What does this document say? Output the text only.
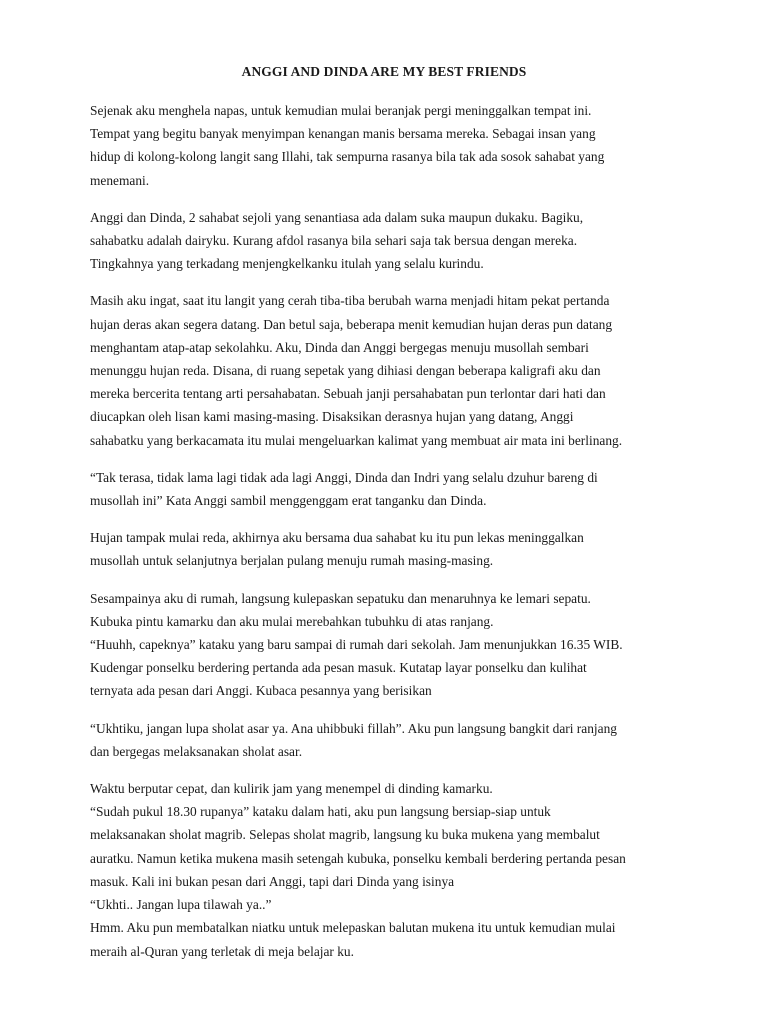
ANGGI AND DINDA ARE MY BEST FRIENDS

Sejenak aku menghela napas, untuk kemudian mulai beranjak pergi meninggalkan tempat ini.
Tempat yang begitu banyak menyimpan kenangan manis bersama mereka. Sebagai insan yang
hidup di kolong-kolong langit sang Illahi, tak sempurna rasanya bila tak ada sosok sahabat yang
menemani.

Anggi dan Dinda, 2 sahabat sejoli yang senantiasa ada dalam suka maupun dukaku. Bagiku,
sahabatku adalah dairyku. Kurang afdol rasanya bila sehari saja tak bersua dengan mereka.
Tingkahnya yang terkadang menjengkelkanku itulah yang selalu kurindu.

Masih aku ingat, saat itu langit yang cerah tiba-tiba berubah warna menjadi hitam pekat pertanda
hujan deras akan segera datang. Dan betul saja, beberapa menit kemudian hujan deras pun datang
menghantam atap-atap sekolahku. Aku, Dinda dan Anggi bergegas menuju musollah sembari
menunggu hujan reda. Disana, di ruang sepetak yang dihiasi dengan beberapa kaligrafi aku dan
mereka bercerita tentang arti persahabatan. Sebuah janji persahabatan pun terlontar dari hati dan
diucapkan oleh lisan kami masing-masing. Disaksikan derasnya hujan yang datang, Anggi
sahabatku yang berkacamata itu mulai mengeluarkan kalimat yang membuat air mata ini berlinang.

“Tak terasa, tidak lama lagi tidak ada lagi Anggi, Dinda dan Indri yang selalu dzuhur bareng di
musollah ini” Kata Anggi sambil menggenggam erat tanganku dan Dinda.

Hujan tampak mulai reda, akhirnya aku bersama dua sahabat ku itu pun lekas meninggalkan
musollah untuk selanjutnya berjalan pulang menuju rumah masing-masing.

Sesampainya aku di rumah, langsung kulepaskan sepatuku dan menaruhnya ke lemari sepatu.
Kubuka pintu kamarku dan aku mulai merebahkan tubuhku di atas ranjang.
“Huuhh, capeknya” kataku yang baru sampai di rumah dari sekolah. Jam menunjukkan 16.35 WIB.
Kudengar ponselku berdering pertanda ada pesan masuk. Kutatap layar ponselku dan kulihat
ternyata ada pesan dari Anggi. Kubaca pesannya yang berisikan

“Ukhtiku, jangan lupa sholat asar ya. Ana uhibbuki fillah”. Aku pun langsung bangkit dari ranjang
dan bergegas melaksanakan sholat asar.

Waktu berputar cepat, dan kulirik jam yang menempel di dinding kamarku.
“Sudah pukul 18.30 rupanya” kataku dalam hati, aku pun langsung bersiap-siap untuk
melaksanakan sholat magrib. Selepas sholat magrib, langsung ku buka mukena yang membalut
auratku. Namun ketika mukena masih setengah kubuka, ponselku kembali berdering pertanda pesan
masuk. Kali ini bukan pesan dari Anggi, tapi dari Dinda yang isinya
“Ukhti.. Jangan lupa tilawah ya..”
Hmm. Aku pun membatalkan niatku untuk melepaskan balutan mukena itu untuk kemudian mulai
meraih al-Quran yang terletak di meja belajar ku.
